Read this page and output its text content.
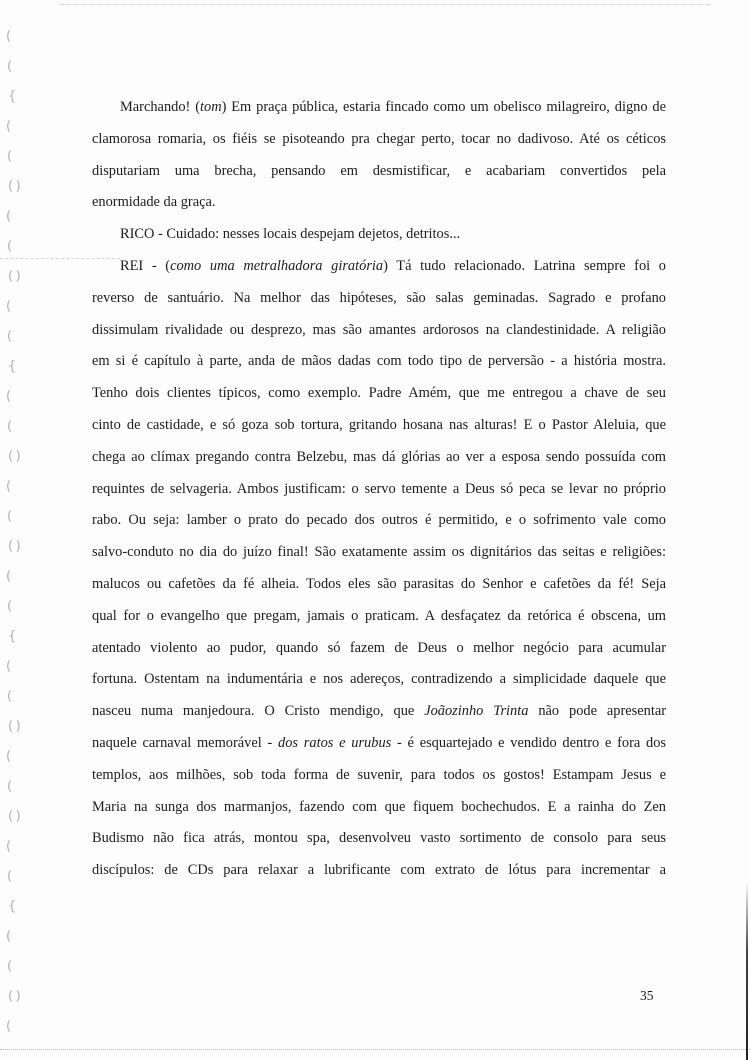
(
(
{
(
(
( )
(
(
( )
(
(
{
(
(
( )
(
(
( )
(
(
{
(
(
( )
(
(
( )
(
(
{
(
(
( )
(

Marchando! (tom) Em praça pública, estaria fincado como um obelisco milagreiro, digno de
clamorosa romaria, os fiéis se pisoteando pra chegar perto, tocar no dadivoso. Até os céticos
disputariam uma brecha, pensando em desmistificar, e acabariam convertidos pela
enormidade da graça.

RICO - Cuidado: nesses locais despejam dejetos, detritos...

REI - (como uma metralhadora giratória) Tá tudo relacionado. Latrina sempre foi o
reverso de santuário. Na melhor das hipóteses, são salas geminadas. Sagrado e profano
dissimulam rivalidade ou desprezo, mas são amantes ardorosos na clandestinidade. A religião
em si é capítulo à parte, anda de mãos dadas com todo tipo de perversão - a história mostra.
Tenho dois clientes típicos, como exemplo. Padre Amém, que me entregou a chave de seu
cinto de castidade, e só goza sob tortura, gritando hosana nas alturas! E o Pastor Aleluia, que
chega ao clímax pregando contra Belzebu, mas dá glórias ao ver a esposa sendo possuída com
requintes de selvageria. Ambos justificam: o servo temente a Deus só peca se levar no próprio
rabo. Ou seja: lamber o prato do pecado dos outros é permitido, e o sofrimento vale como
salvo-conduto no dia do juízo final! São exatamente assim os dignitários das seitas e religiões:
malucos ou cafetões da fé alheia. Todos eles são parasitas do Senhor e cafetões da fé! Seja
qual for o evangelho que pregam, jamais o praticam. A desfaçatez da retórica é obscena, um
atentado violento ao pudor, quando só fazem de Deus o melhor negócio para acumular
fortuna. Ostentam na indumentária e nos adereços, contradizendo a simplicidade daquele que
nasceu numa manjedoura. O Cristo mendigo, que Joãozinho Trinta não pode apresentar
naquele carnaval memorável - dos ratos e urubus - é esquartejado e vendido dentro e fora dos
templos, aos milhões, sob toda forma de suvenir, para todos os gostos! Estampam Jesus e
Maria na sunga dos marmanjos, fazendo com que fiquem bochechudos. E a rainha do Zen
Budismo não fica atrás, montou spa, desenvolveu vasto sortimento de consolo para seus
discípulos: de CDs para relaxar a lubrificante com extrato de lótus para incrementar a

35
